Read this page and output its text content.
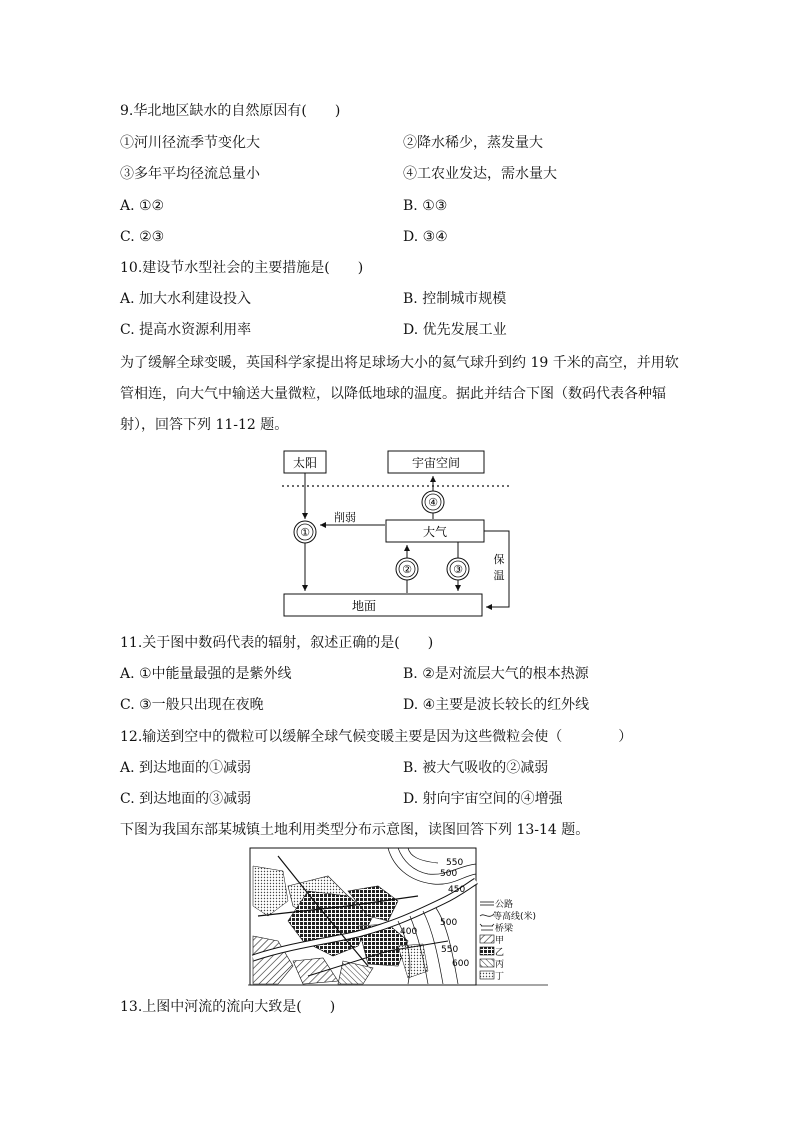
9.华北地区缺水的自然原因有(　　)
①河川径流季节变化大	②降水稀少，蒸发量大
③多年平均径流总量小	④工农业发达，需水量大
A. ①②	B. ①③
C. ②③	D. ③④
10.建设节水型社会的主要措施是(　　)
A. 加大水利建设投入	B. 控制城市规模
C. 提高水资源利用率	D. 优先发展工业
为了缓解全球变暖，英国科学家提出将足球场大小的氦气球升到约 19 千米的高空，并用软
管相连，向大气中输送大量微粒，以降低地球的温度。据此并结合下图（数码代表各种辐
射），回答下列 11-12 题。
太阳	宇宙空间
大气
地面
①
削弱
④
②	③
保
温
11.关于图中数码代表的辐射，叙述正确的是(　　)
A. ①中能量最强的是紫外线	B. ②是对流层大气的根本热源
C. ③一般只出现在夜晚	D. ④主要是波长较长的红外线
12.输送到空中的微粒可以缓解全球气候变暖主要是因为这些微粒会使（　　　　）
A. 到达地面的①减弱	B. 被大气吸收的②减弱
C. 到达地面的③减弱	D. 射向宇宙空间的④增强
下图为我国东部某城镇土地利用类型分布示意图，读图回答下列 13-14 题。
550
500
450
400
500
550
600
公路
等高线(米)
桥梁
甲
乙
丙
丁
13.上图中河流的流向大致是(　　)
